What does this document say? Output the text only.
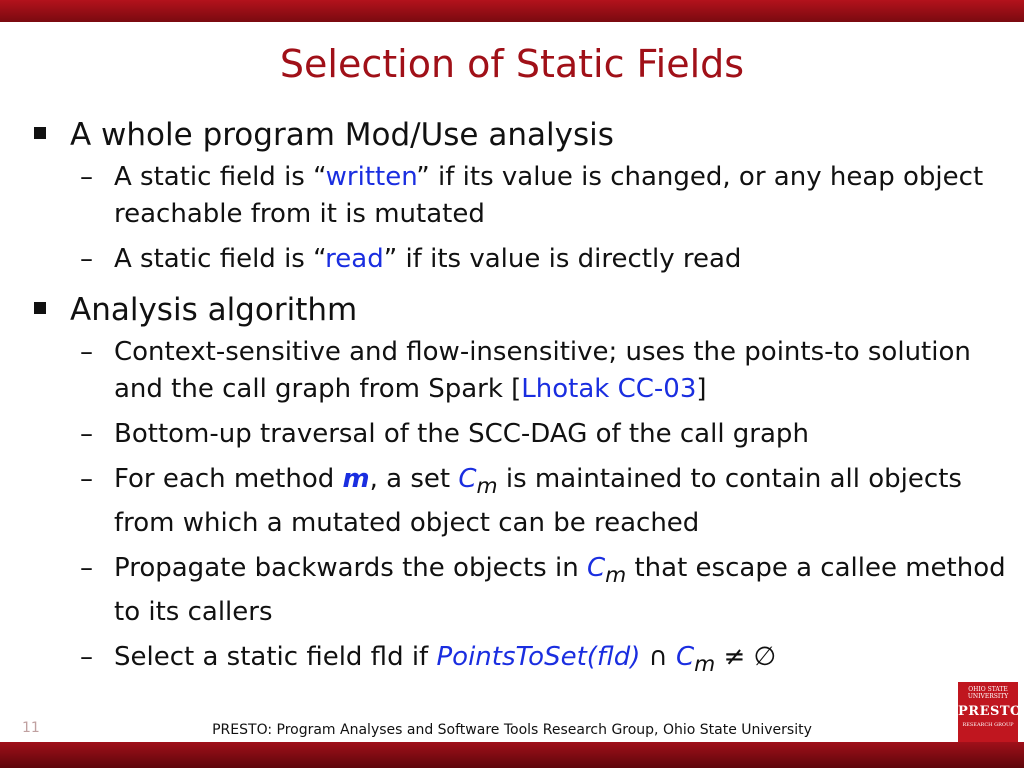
Selection of Static Fields
A whole program Mod/Use analysis
– A static field is “written” if its value is changed, or any heap object reachable from it is mutated
– A static field is “read” if its value is directly read
Analysis algorithm
– Context-sensitive and flow-insensitive; uses the points-to solution and the call graph from Spark [Lhotak CC-03]
– Bottom-up traversal of the SCC-DAG of the call graph
– For each method m, a set $C_m$ is maintained to contain all objects from which a mutated object can be reached
– Propagate backwards the objects in $C_m$ that escape a callee method to its callers
– Select a static field fld if PointsToSet(fld) ∩ $C_m$ ≠ ∅
11	PRESTO: Program Analyses and Software Tools Research Group, Ohio State University
OHIO STATE UNIVERSITY
PRESTO
RESEARCH GROUP
